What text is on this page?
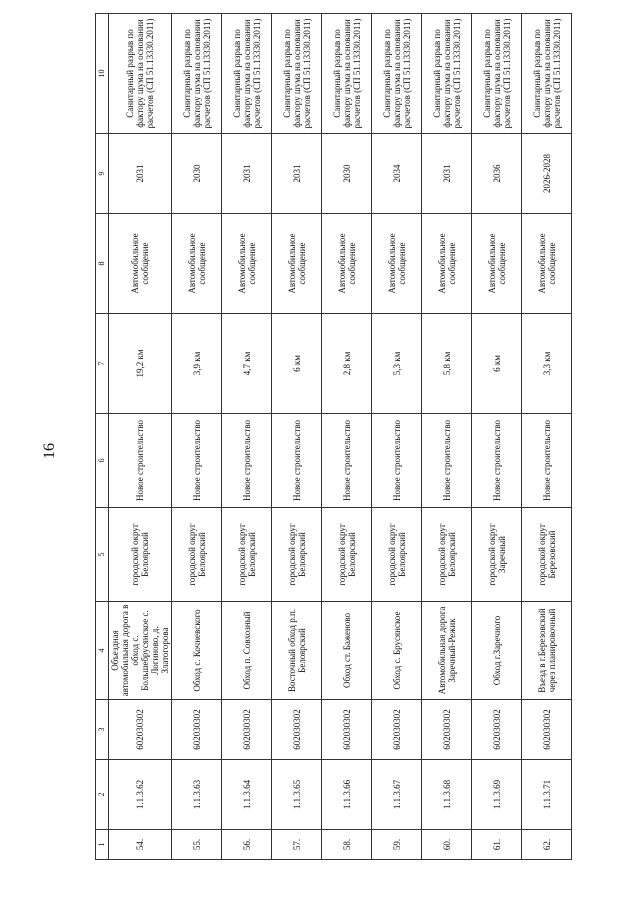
16
1	2	3	4	5	6	7	8	9	10
54.	1.1.3.62	602030302	Объездная автомобильная дорога в обход с. Большебрусянское с. Логиново, д. Златогорова	городской округ Белоярский	Новое строительство	19,2 км	Автомобильное сообщение	2031	Санитарный разрыв по фактору шума на основании расчетов (СП 51.13330.2011)
55.	1.1.3.63	602030302	Обход с. Кочневского	городской округ Белоярский	Новое строительство	3,9 км	Автомобильное сообщение	2030	Санитарный разрыв по фактору шума на основании расчетов (СП 51.13330.2011)
56.	1.1.3.64	602030302	Обход п. Совхозный	городской округ Белоярский	Новое строительство	4,7 км	Автомобильное сообщение	2031	Санитарный разрыв по фактору шума на основании расчетов (СП 51.13330.2011)
57.	1.1.3.65	602030302	Восточный обход р.п. Белоярский	городской округ Белоярский	Новое строительство	6 км	Автомобильное сообщение	2031	Санитарный разрыв по фактору шума на основании расчетов (СП 51.13330.2011)
58.	1.1.3.66	602030302	Обход ст. Баженово	городской округ Белоярский	Новое строительство	2,8 км	Автомобильное сообщение	2030	Санитарный разрыв по фактору шума на основании расчетов (СП 51.13330.2011)
59.	1.1.3.67	602030302	Обход с. Брусянское	городской округ Белоярский	Новое строительство	5,3 км	Автомобильное сообщение	2034	Санитарный разрыв по фактору шума на основании расчетов (СП 51.13330.2011)
60.	1.1.3.68	602030302	Автомобильная дорога Заречный-Режик	городской округ Белоярский	Новое строительство	5,8 км	Автомобильное сообщение	2031	Санитарный разрыв по фактору шума на основании расчетов (СП 51.13330.2011)
61.	1.1.3.69	602030302	Обход г.Заречного	городской округ Заречный	Новое строительство	6 км	Автомобильное сообщение	2036	Санитарный разрыв по фактору шума на основании расчетов (СП 51.13330.2011)
62.	1.1.3.71	602030302	Въезд в г.Березовский через планировочный	городской округ Березовский	Новое строительство	3,3 км	Автомобильное сообщение	2026-2028	Санитарный разрыв по фактору шума на основании расчетов (СП 51.13330.2011)
